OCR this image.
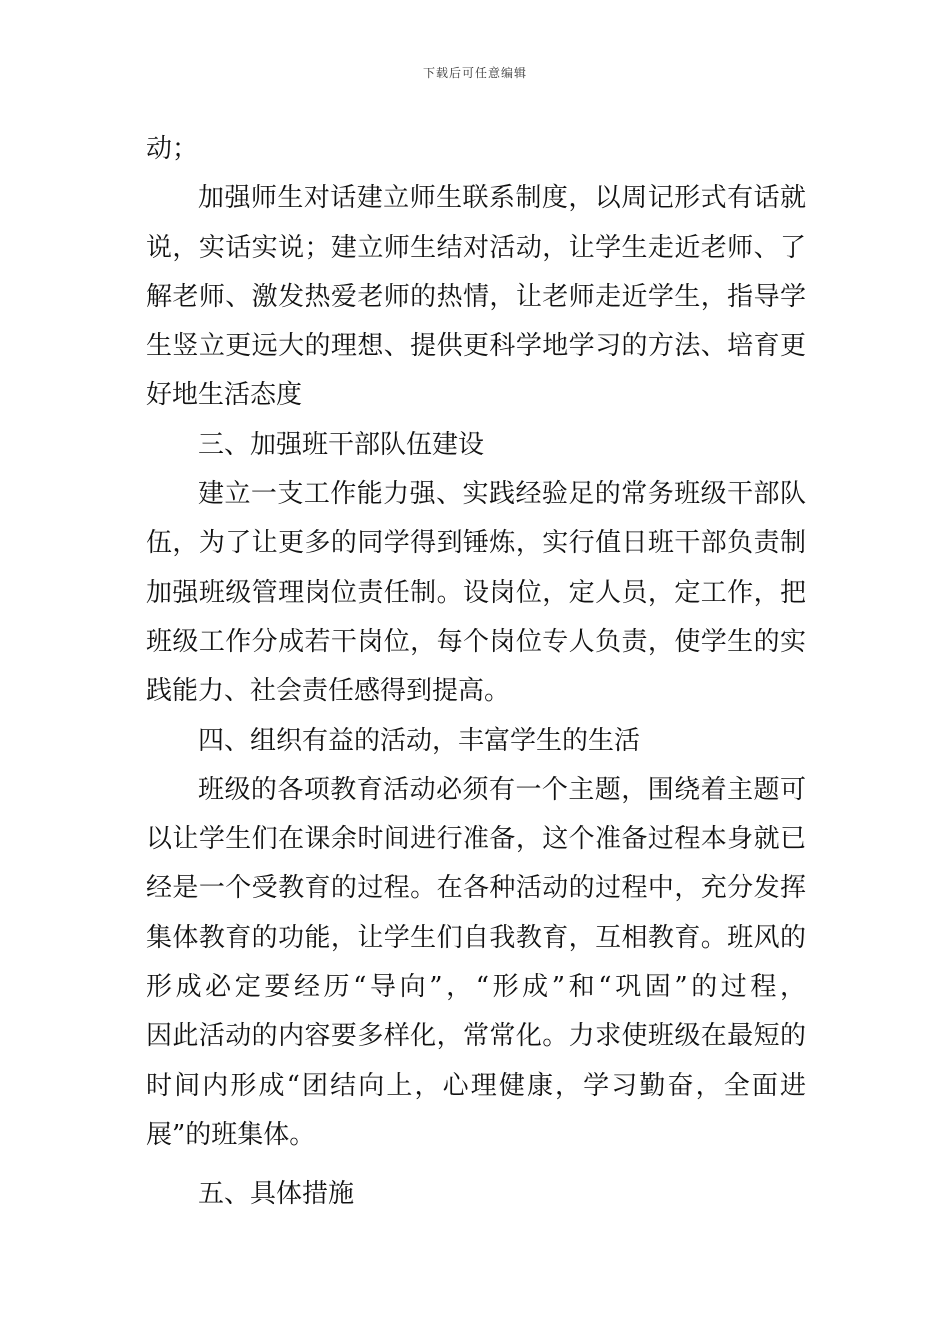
下载后可任意编辑
动；
加强师生对话建立师生联系制度，以周记形式有话就
说，实话实说；建立师生结对活动，让学生走近老师、了
解老师、激发热爱老师的热情，让老师走近学生，指导学
生竖立更远大的理想、提供更科学地学习的方法、培育更
好地生活态度
三、加强班干部队伍建设
建立一支工作能力强、实践经验足的常务班级干部队
伍，为了让更多的同学得到锤炼，实行值日班干部负责制
加强班级管理岗位责任制。设岗位，定人员，定工作，把
班级工作分成若干岗位，每个岗位专人负责，使学生的实
践能力、社会责任感得到提高。
四、组织有益的活动，丰富学生的生活
班级的各项教育活动必须有一个主题，围绕着主题可
以让学生们在课余时间进行准备，这个准备过程本身就已
经是一个受教育的过程。在各种活动的过程中，充分发挥
集体教育的功能，让学生们自我教育，互相教育。班风的
形成必定要经历“导向”，“形成”和“巩固”的过程，
因此活动的内容要多样化，常常化。力求使班级在最短的
时间内形成“团结向上，心理健康，学习勤奋，全面进
展”的班集体。
五、具体措施
